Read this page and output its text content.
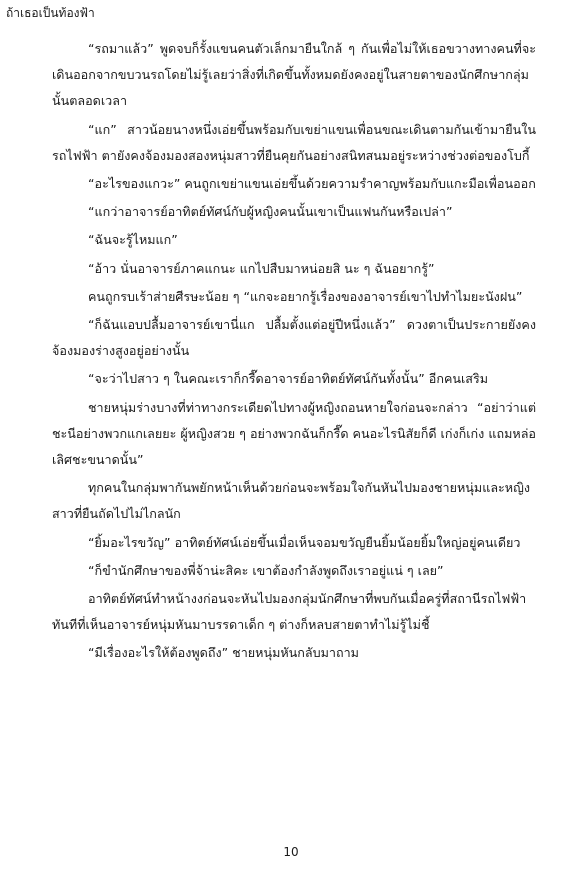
ถ้าเธอเป็นท้องฟ้า

“รถมาแล้ว” พูดจบก็รั้งแขนคนตัวเล็กมายืนใกล้ ๆ กันเพื่อไม่ให้เธอขวางทางคนที่จะเดินออกจากขบวนรถโดยไม่รู้เลยว่าสิ่งที่เกิดขึ้นทั้งหมดยังคงอยู่ในสายตาของนักศึกษากลุ่มนั้นตลอดเวลา

“แก” สาวน้อยนางหนึ่งเอ่ยขึ้นพร้อมกับเขย่าแขนเพื่อนขณะเดินตามกันเข้ามายืนในรถไฟฟ้า ตายังคงจ้องมองสองหนุ่มสาวที่ยืนคุยกันอย่างสนิทสนมอยู่ระหว่างช่วงต่อของโบกี้

“อะไรของแกวะ” คนถูกเขย่าแขนเอ่ยขึ้นด้วยความรำคาญพร้อมกับแกะมือเพื่อนออก

“แกว่าอาจารย์อาทิตย์ทัศน์กับผู้หญิงคนนั้นเขาเป็นแฟนกันหรือเปล่า”

“ฉันจะรู้ไหมแก”

“อ้าว นั่นอาจารย์ภาคแกนะ แกไปสืบมาหน่อยสิ นะ ๆ ฉันอยากรู้”

คนถูกรบเร้าส่ายศีรษะน้อย ๆ “แกจะอยากรู้เรื่องของอาจารย์เขาไปทำไมยะนังฝน”

“ก็ฉันแอบปลื้มอาจารย์เขานี่แก ปลื้มตั้งแต่อยู่ปีหนึ่งแล้ว” ดวงตาเป็นประกายยังคงจ้องมองร่างสูงอยู่อย่างนั้น

“จะว่าไปสาว ๆ ในคณะเราก็กรี๊ดอาจารย์อาทิตย์ทัศน์กันทั้งนั้น” อีกคนเสริม

ชายหนุ่มร่างบางที่ท่าทางกระเดียดไปทางผู้หญิงถอนหายใจก่อนจะกล่าว “อย่าว่าแต่ชะนีอย่างพวกแกเลยยะ ผู้หญิงสวย ๆ อย่างพวกฉันก็กรี๊ด คนอะไรนิสัยก็ดี เก่งก็เก่ง แถมหล่อเลิศชะขนาดนั้น”

ทุกคนในกลุ่มพากันพยักหน้าเห็นด้วยก่อนจะพร้อมใจกันหันไปมองชายหนุ่มและหญิงสาวที่ยืนถัดไปไม่ไกลนัก

“ยิ้มอะไรขวัญ” อาทิตย์ทัศน์เอ่ยขึ้นเมื่อเห็นจอมขวัญยืนยิ้มน้อยยิ้มใหญ่อยู่คนเดียว

“ก็ขำนักศึกษาของพี่จ้าน่ะสิคะ เขาต้องกำลังพูดถึงเราอยู่แน่ ๆ เลย”

อาทิตย์ทัศน์ทำหน้างงก่อนจะหันไปมองกลุ่มนักศึกษาที่พบกันเมื่อครู่ที่สถานีรถไฟฟ้า ทันทีที่เห็นอาจารย์หนุ่มหันมาบรรดาเด็ก ๆ ต่างก็หลบสายตาทำไม่รู้ไม่ชี้

“มีเรื่องอะไรให้ต้องพูดถึง” ชายหนุ่มหันกลับมาถาม

10
